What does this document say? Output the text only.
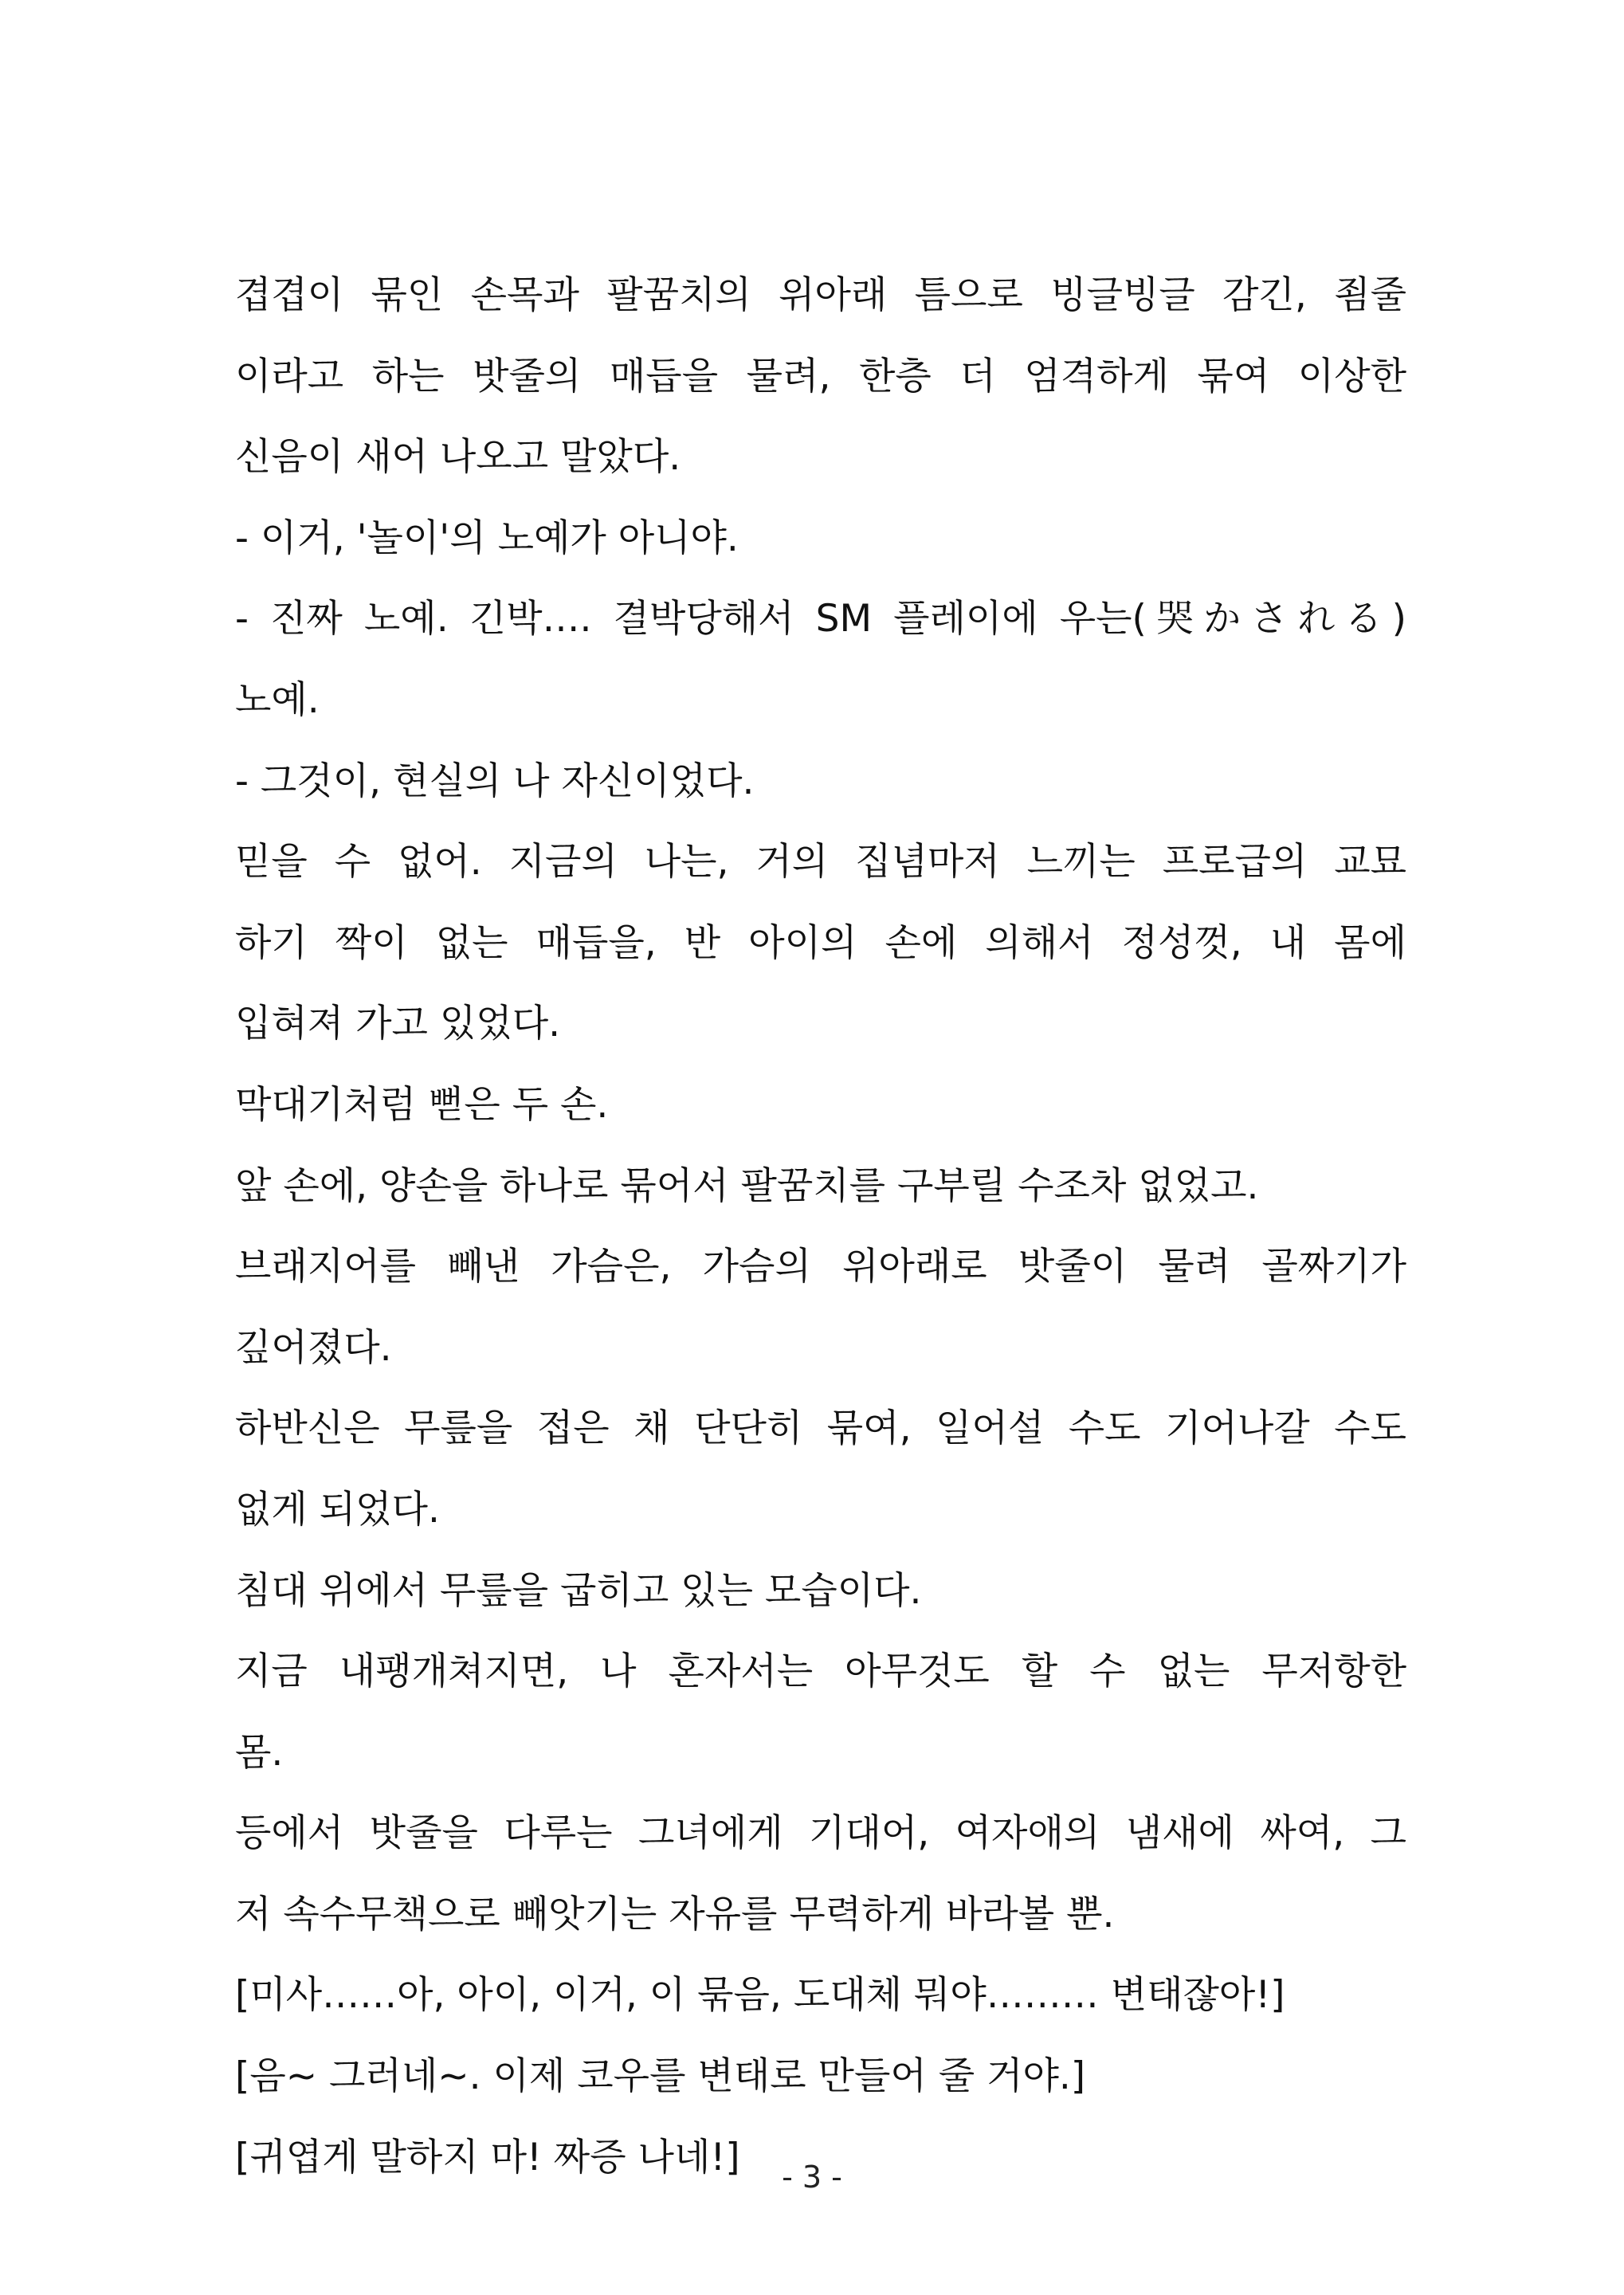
겹겹이 묶인 손목과 팔꿈치의 위아래 틈으로 빙글빙글 감긴, 죔줄
이라고 하는 밧줄의 매듭을 물려, 한층 더 엄격하게 묶여 이상한
신음이 새어 나오고 말았다.
- 이거, '놀이'의 노예가 아니야.
- 진짜 노예. 긴박…. 결박당해서 SM 플레이에 우는(哭かされる)
노예.
- 그것이, 현실의 나 자신이었다.
믿을 수 없어. 지금의 나는, 거의 집념마저 느끼는 프로급의 교묘
하기 짝이 없는 매듭을, 반 아이의 손에 의해서 정성껏, 내 몸에
입혀져 가고 있었다.
막대기처럼 뻗은 두 손.
앞 손에, 양손을 하나로 묶어서 팔꿈치를 구부릴 수조차 없었고.
브래지어를 빼낸 가슴은, 가슴의 위아래로 밧줄이 물려 골짜기가
깊어졌다.
하반신은 무릎을 접은 채 단단히 묶여, 일어설 수도 기어나갈 수도
없게 되었다.
침대 위에서 무릎을 굽히고 있는 모습이다.
지금 내팽개쳐지면, 나 혼자서는 아무것도 할 수 없는 무저항한
몸.
등에서 밧줄을 다루는 그녀에게 기대어, 여자애의 냄새에 싸여, 그
저 속수무책으로 빼앗기는 자유를 무력하게 바라볼 뿐.
[미사……아, 아이, 이거, 이 묶음, 도대체 뭐야……… 변태잖아!]
[음~ 그러네~. 이제 코우를 변태로 만들어 줄 거야.]
[귀엽게 말하지 마! 짜증 나네!]	- 3 -
